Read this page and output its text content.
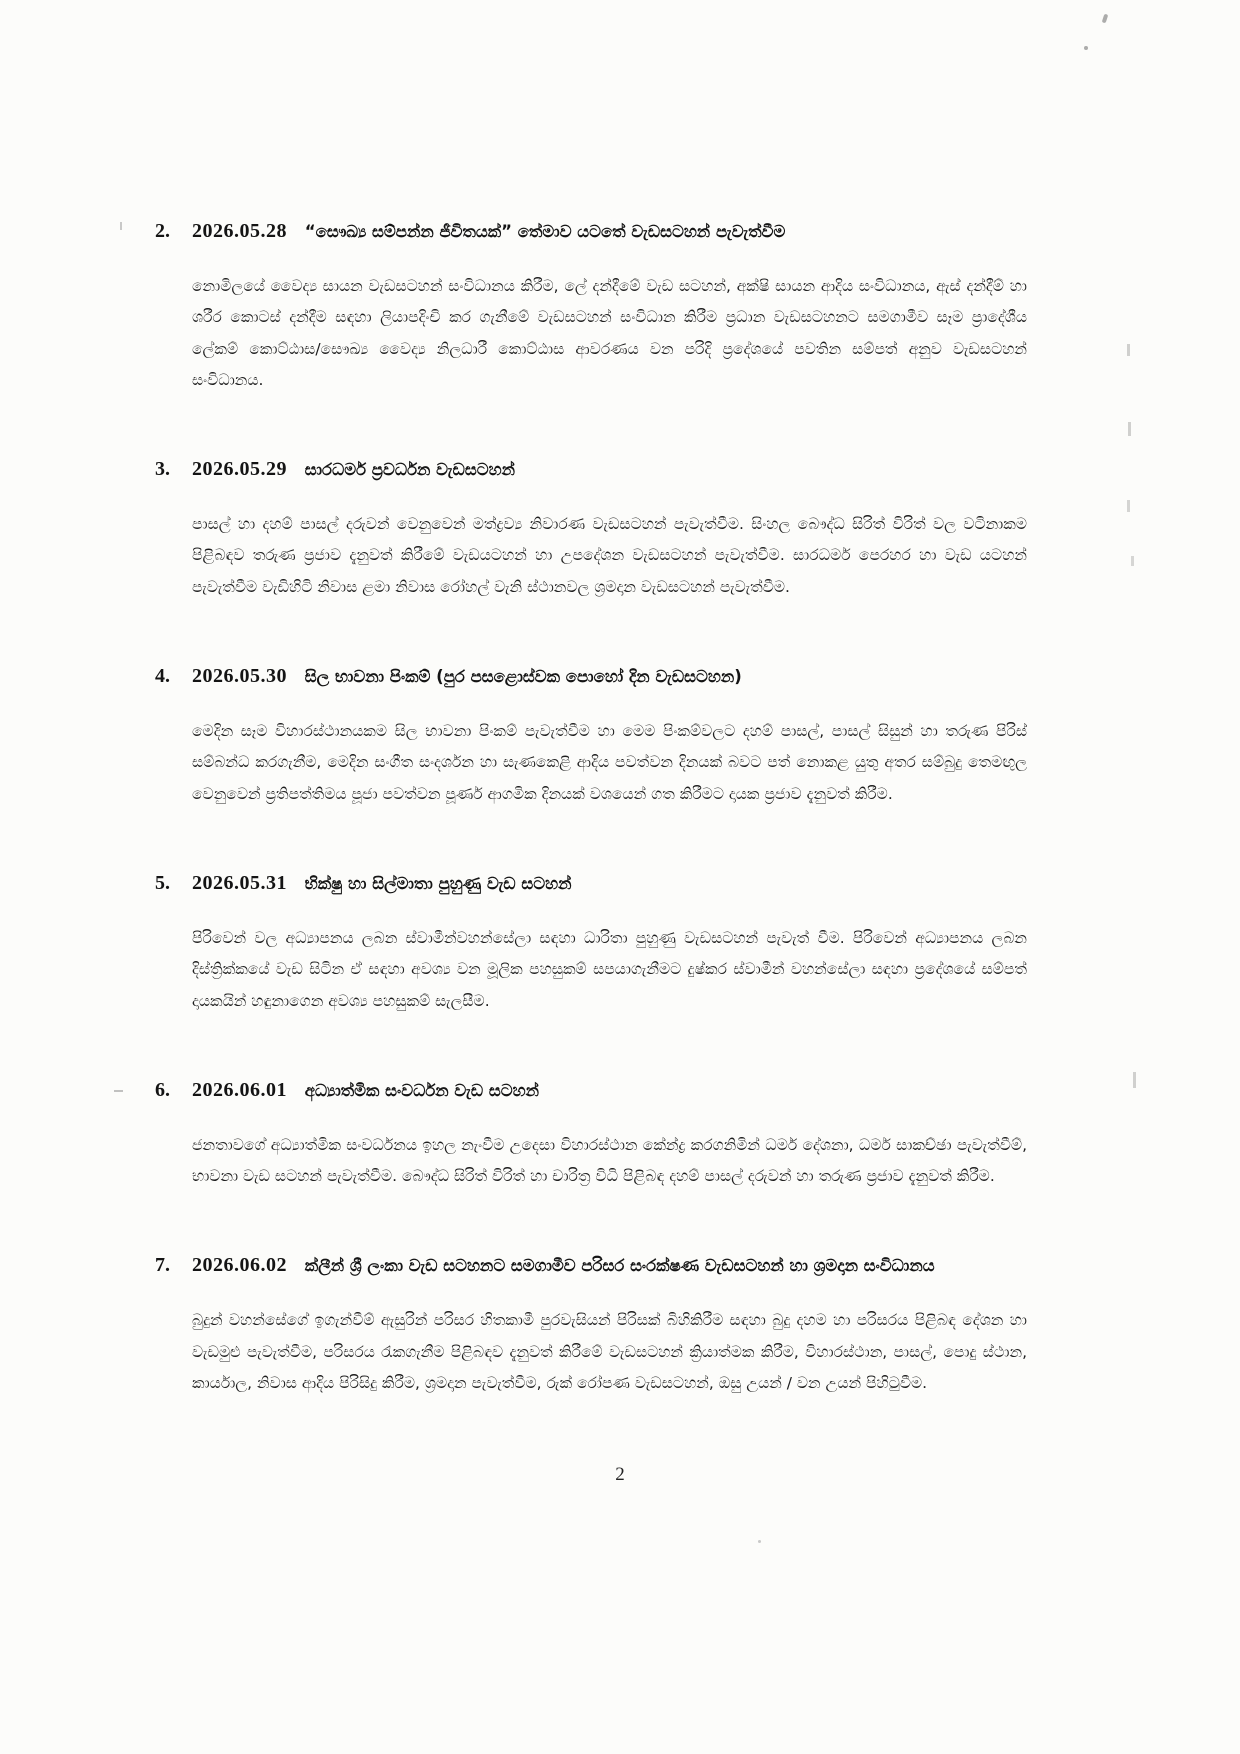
2. 2026.05.28 “සෞඛ්‍ය සම්පන්න ජීවිතයක්” තේමාව යටතේ වැඩසටහන් පැවැත්වීම

නොමිලයේ වෛද්‍ය සායන වැඩසටහන් සංවිධානය කිරීම, ලේ දන්දීමේ වැඩ සටහන්, අක්ෂි සායන ආදිය සංවිධානය, ඇස් දන්දීම් හා ශරීර කොටස් දන්දීම සඳහා ලියාපදිංචි කර ගැනීමේ වැඩසටහන් සංවිධාන කිරීම ප්‍රධාන වැඩසටහනට සමගාමීව සෑම ප්‍රාදේශීය ලේකම් කොට්ඨාස/සෞඛ්‍ය වෛද්‍ය නිලධාරී කොට්ඨාස ආවරණය වන පරිදි ප්‍රදේශයේ පවතින සම්පත් අනුව වැඩසටහන් සංවිධානය.

3. 2026.05.29 සාරධර්ම ප්‍රවර්ධන වැඩසටහන්

පාසල් හා දහම් පාසල් දරුවන් වෙනුවෙන් මත්ද්‍රව්‍ය නිවාරණ වැඩසටහන් පැවැත්වීම. සිංහල බෞද්ධ සිරිත් විරිත් වල වටිනාකම පිළිබඳව තරුණ ප්‍රජාව දැනුවත් කිරීමේ වැඩයටහන් හා උපදේශන වැඩසටහන් පැවැත්වීම. සාරධර්ම පෙරහර හා වැඩ යටහන් පැවැත්වීම වැඩිහිටි නිවාස ළමා නිවාස රෝහල් වැනි ස්ථානවල ශ්‍රමදාන වැඩසටහන් පැවැත්වීම.

4. 2026.05.30 සිල භාවනා පිංකම් (පුර පසළොස්වක පොහෝ දින වැඩසටහන)

මෙදින සෑම විහාරස්ථානයකම සිල භාවනා පිංකම් පැවැත්වීම හා මෙම පිංකම්වලට දහම් පාසල්, පාසල් සිසුන් හා තරුණ පිරිස් සම්බන්ධ කරගැනීම, මෙදින සංගීත සංදර්ශන හා සැණකෙළි ආදිය පවත්වන දිනයක් බවට පත් නොකළ යුතු අතර සම්බුදු තෙමඟුල වෙනුවෙන් ප්‍රතිපත්තිමය පූජා පවත්වන පූර්ණ ආගමික දිනයක් වශයෙන් ගත කිරීමට දායක ප්‍රජාව දැනුවත් කිරීම.

5. 2026.05.31 භික්ෂු හා සිල්මාතා පුහුණු වැඩ සටහන්

පිරිවෙන් වල අධ්‍යාපනය ලබන ස්වාමීන්වහන්සේලා සඳහා ධාරිතා පුහුණු වැඩසටහන් පැවැත් වීම. පිරිවෙන් අධ්‍යාපනය ලබන දිස්ත්‍රික්කයේ වැඩ සිටින ඒ සඳහා අවශ්‍ය වන මූලික පහසුකම් සපයාගැනීමට දුෂ්කර ස්වාමීන් වහන්සේලා සඳහා ප්‍රදේශයේ සම්පත් දායකයින් හඳුනාගෙන අවශ්‍ය පහසුකම් සැලසීම.

6. 2026.06.01 අධ්‍යාත්මික සංවර්ධන වැඩ සටහන්

ජනතාවගේ අධ්‍යාත්මික සංවර්ධනය ඉහල නැංවීම උදෙසා විහාරස්ථාන කේන්ද්‍ර කරගනිමින් ධර්ම දේශනා, ධර්ම සාකච්ඡා පැවැත්වීම්, භාවනා වැඩ සටහන් පැවැත්වීම. බෞද්ධ සිරිත් විරිත් හා චාරිත්‍ර විධි පිළිබඳ දහම් පාසල් දරුවන් හා තරුණ ප්‍රජාව දැනුවත් කිරීම.

7. 2026.06.02 ක්ලීන් ශ්‍රී ලංකා වැඩ සටහනට සමගාමීව පරිසර සංරක්ෂණ වැඩසටහන් හා ශ්‍රමදාන සංවිධානය

බුදුන් වහන්සේගේ ඉගැන්වීම් ඇසුරින් පරිසර හිතකාමී පුරවැසියන් පිරිසක් බිහිකිරීම සඳහා බුදු දහම හා පරිසරය පිළිබඳ දේශන හා වැඩමුළු පැවැත්වීම, පරිසරය රැකගැනීම පිළිබඳව දැනුවත් කිරීමේ වැඩසටහන් ක්‍රියාත්මක කිරීම, විහාරස්ථාන, පාසල්, පොදු ස්ථාන, කාර්යාල, නිවාස ආදිය පිරිසිදු කිරීම, ශ්‍රමදාන පැවැත්වීම, රුක් රෝපණ වැඩසටහන්, ඔසු උයන් / වන උයන් පිහිටුවීම.

2
